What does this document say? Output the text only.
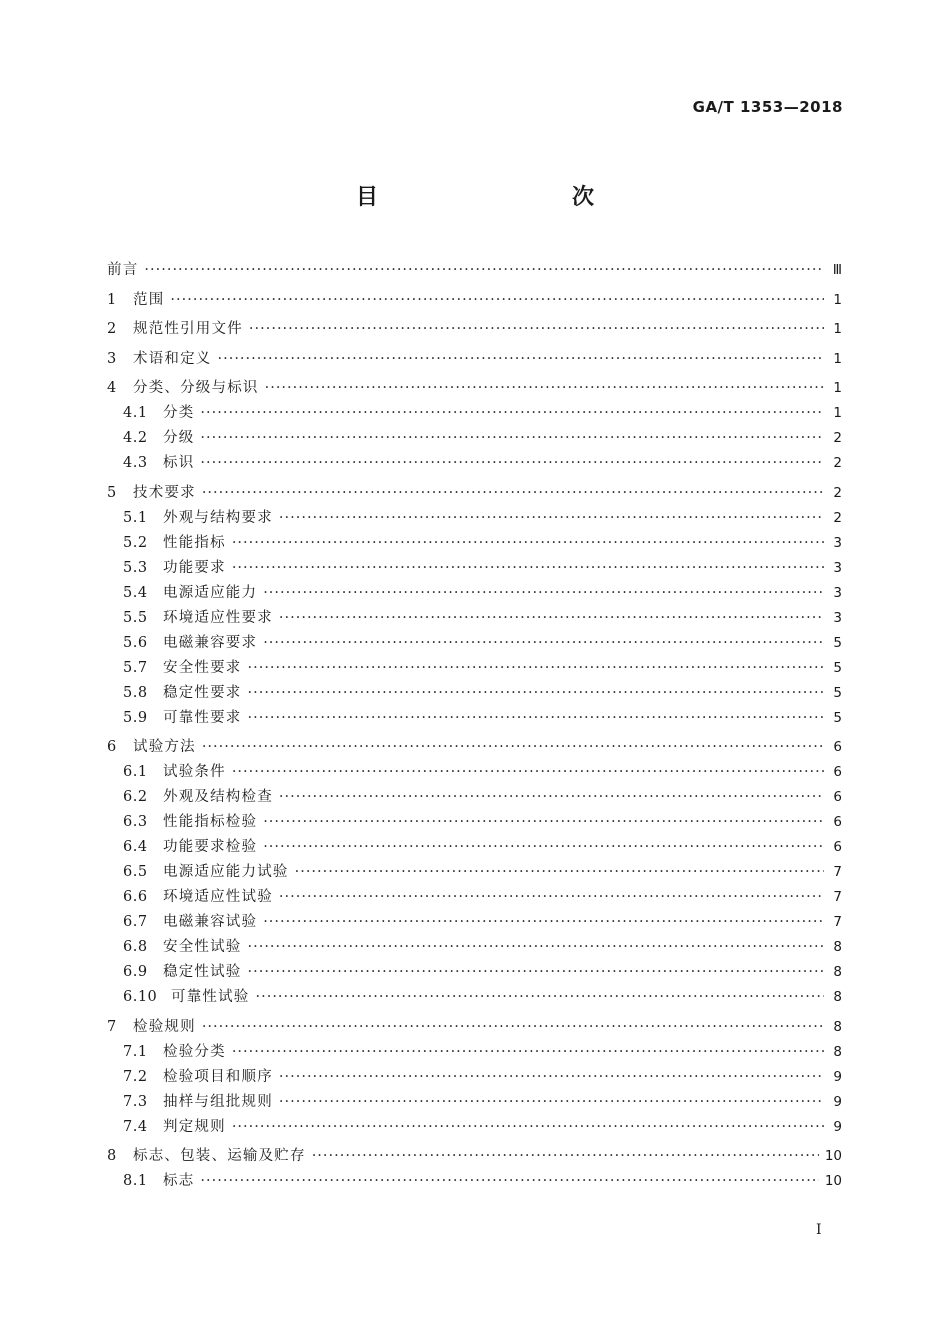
GA/T 1353—2018
目　　次
前言 ·····	Ⅲ
1	范围 ·····	1
2	规范性引用文件 ·····	1
3	术语和定义 ·····	1
4	分类、分级与标识 ·····	1
4.1	分类 ·····	1
4.2	分级 ·····	2
4.3	标识 ·····	2
5	技术要求 ·····	2
5.1	外观与结构要求 ·····	2
5.2	性能指标 ·····	3
5.3	功能要求 ·····	3
5.4	电源适应能力 ·····	3
5.5	环境适应性要求 ·····	3
5.6	电磁兼容要求 ·····	5
5.7	安全性要求 ·····	5
5.8	稳定性要求 ·····	5
5.9	可靠性要求 ·····	5
6	试验方法 ·····	6
6.1	试验条件 ·····	6
6.2	外观及结构检查 ·····	6
6.3	性能指标检验 ·····	6
6.4	功能要求检验 ·····	6
6.5	电源适应能力试验 ·····	7
6.6	环境适应性试验 ·····	7
6.7	电磁兼容试验 ·····	7
6.8	安全性试验 ·····	8
6.9	稳定性试验 ·····	8
6.10 可靠性试验 ·····	8
7	检验规则 ·····	8
7.1	检验分类 ·····	8
7.2	检验项目和顺序 ·····	9
7.3	抽样与组批规则 ·····	9
7.4	判定规则 ·····	9
8	标志、包装、运输及贮存 ·····	10
8.1	标志 ·····	10
I
